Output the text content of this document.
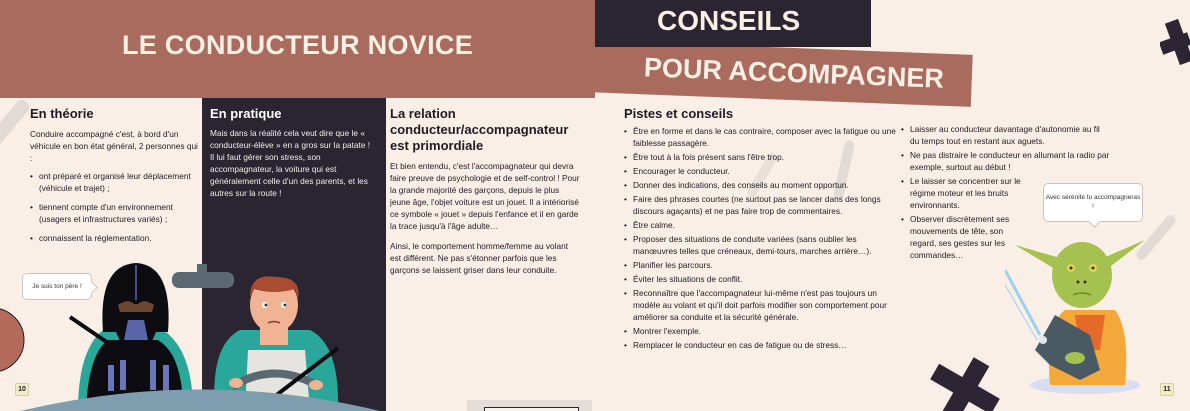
LE CONDUCTEUR NOVICE
En théorie

Conduire accompagné c'est, à bord d'un véhicule en bon état général, 2 personnes qui :

• ont préparé et organisé leur déplacement (véhicule et trajet) ;
• tiennent compte d'un environnement (usagers et infrastructures variés) ;
• connaissent la réglementation.
En pratique

Mais dans la réalité cela veut dire que le « conducteur-élève » en a gros sur la patate !

Il lui faut gérer son stress, son accompagnateur, la voiture qui est généralement celle d'un des parents, et les autres sur la route !

La relation conducteur/accompagnateur est primordiale

Et bien entendu, c'est l'accompagnateur qui devra faire preuve de psychologie et de self-control ! Pour la grande majorité des garçons, depuis le plus jeune âge, l'objet voiture est un jouet. Il a intériorisé ce symbole « jouet » depuis l'enfance et il en garde la trace jusqu'à l'âge adulte…

Ainsi, le comportement homme/femme au volant est différent. Ne pas s'étonner parfois que les garçons se laissent griser dans leur conduite.

Je suis ton père !
10
POUR ACCOMPAGNER
CONSEILS
Pistes et conseils
• Être en forme et dans le cas contraire, composer avec la fatigue ou une faiblesse passagère.
• Être tout à la fois présent sans l'être trop.
• Encourager le conducteur.
• Donner des indications, des conseils au moment opportun.
• Faire des phrases courtes (ne surtout pas se lancer dans des longs discours agaçants) et ne pas faire trop de commentaires.
• Être calme.
• Proposer des situations de conduite variées (sans oublier les manœuvres telles que créneaux, demi-tours, marches arrière…).
• Planifier les parcours.
• Éviter les situations de conflit.
• Reconnaître que l'accompagnateur lui-même n'est pas toujours un modèle au volant et qu'il doit parfois modifier son comportement pour améliorer sa conduite et la sécurité générale.
• Montrer l'exemple.
• Remplacer le conducteur en cas de fatigue ou de stress…
• Laisser au conducteur davantage d'autonomie au fil du temps tout en restant aux aguets.
• Ne pas distraire le conducteur en allumant la radio par exemple, surtout au début !
• Le laisser se concentrer sur le régime moteur et les bruits environnants.
• Observer discrètement ses mouvements de tête, son regard, ses gestes sur les commandes…
Avec sérénité tu accompagneras !
11
